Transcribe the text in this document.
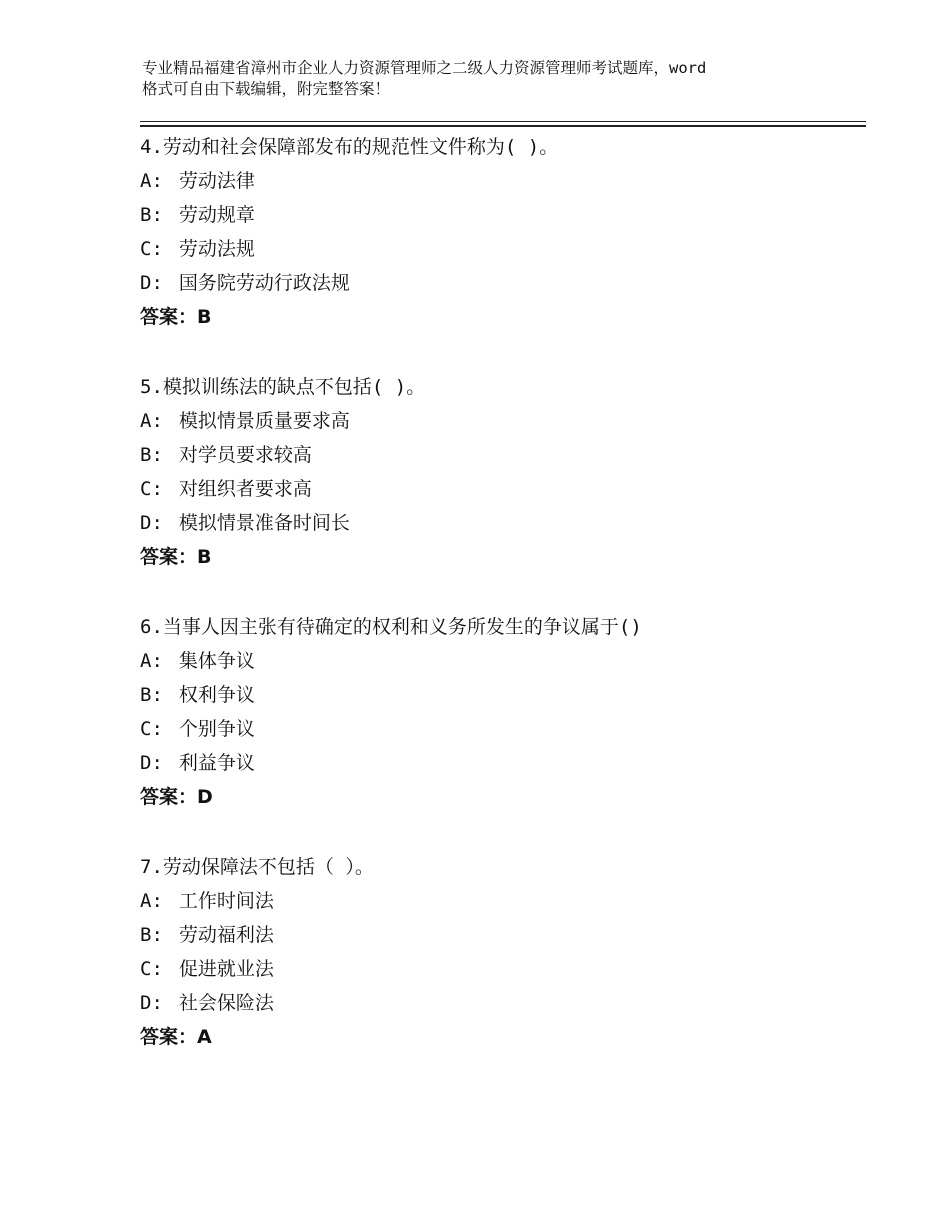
专业精品福建省漳州市企业人力资源管理师之二级人力资源管理师考试题库，word
格式可自由下载编辑，附完整答案！
4.劳动和社会保障部发布的规范性文件称为( )。
A: 劳动法律
B: 劳动规章
C: 劳动法规
D: 国务院劳动行政法规
答案：B
5.模拟训练法的缺点不包括( )。
A: 模拟情景质量要求高
B: 对学员要求较高
C: 对组织者要求高
D: 模拟情景准备时间长
答案：B
6.当事人因主张有待确定的权利和义务所发生的争议属于()
A: 集体争议
B: 权利争议
C: 个别争议
D: 利益争议
答案：D
7.劳动保障法不包括（ ）。
A: 工作时间法
B: 劳动福利法
C: 促进就业法
D: 社会保险法
答案：A
